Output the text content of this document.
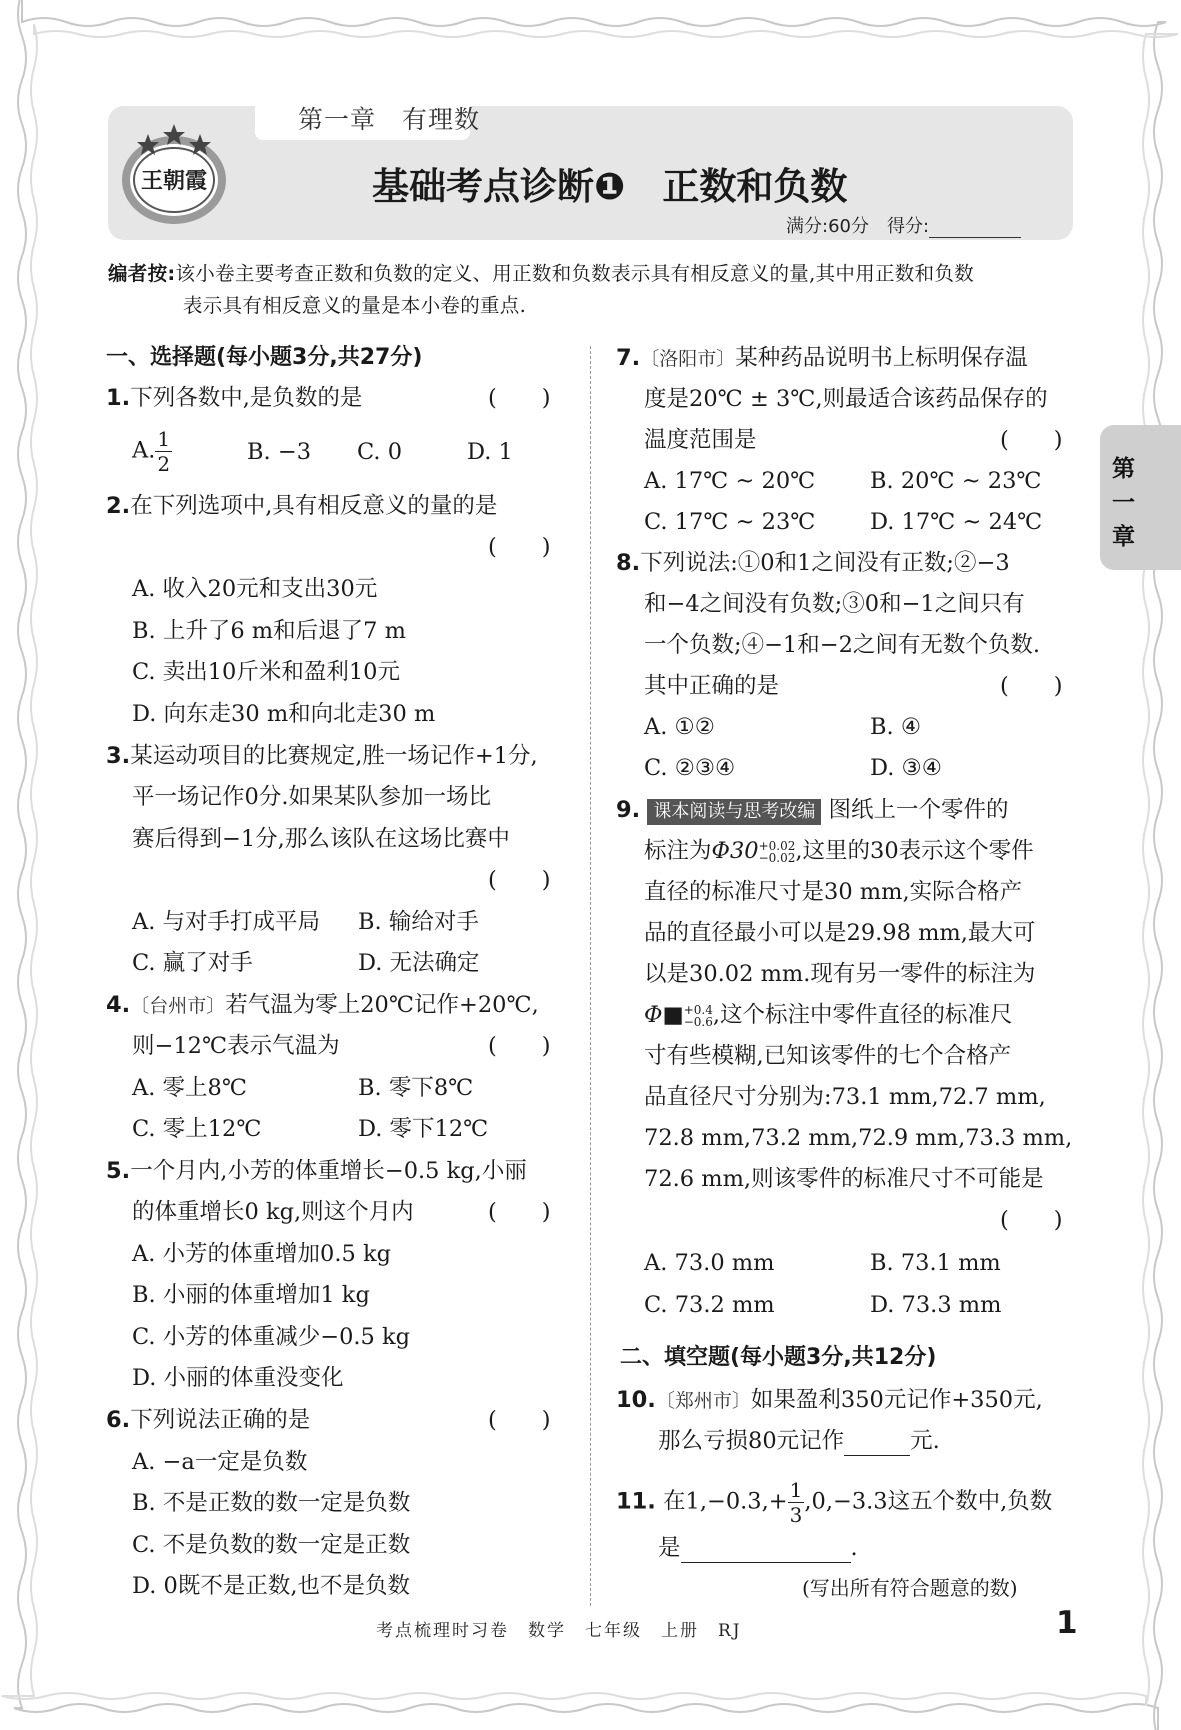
第一章　有理数
王朝霞	基础考点诊断❶　正数和负数
满分:60分　得分:
编者按:该小卷主要考查正数和负数的定义、用正数和负数表示具有相反意义的量,其中用正数和负数
表示具有相反意义的量是本小卷的重点.
一、选择题(每小题3分,共27分)
1.下列各数中,是负数的是	(　　)
A. $\frac{1}{2}$	B. −3 C. 0	D. 1
2.在下列选项中,具有相反意义的量的是
(　　)
A. 收入20元和支出30元
B. 上升了6 m和后退了7 m
C. 卖出10斤米和盈利10元
D. 向东走30 m和向北走30 m
3.某运动项目的比赛规定,胜一场记作+1分,
平一场记作0分.如果某队参加一场比
赛后得到−1分,那么该队在这场比赛中
(　　)
A. 与对手打成平局 B. 输给对手
C. 赢了对手	D. 无法确定
4.〔台州市〕若气温为零上20℃记作+20℃,
则−12℃表示气温为	(　　)
A. 零上8℃	B. 零下8℃
C. 零上12℃	D. 零下12℃
5.一个月内,小芳的体重增长−0.5 kg,小丽
的体重增长0 kg,则这个月内	(　　)
A. 小芳的体重增加0.5 kg
B. 小丽的体重增加1 kg
C. 小芳的体重减少−0.5 kg
D. 小丽的体重没变化
6.下列说法正确的是	(　　)
A. −a一定是负数
B. 不是正数的数一定是负数
C. 不是负数的数一定是正数
D. 0既不是正数,也不是负数
7.〔洛阳市〕某种药品说明书上标明保存温
度是20℃ ± 3℃,则最适合该药品保存的
温度范围是	(　　)
A. 17℃ ~ 20℃ B. 20℃ ~ 23℃
C. 17℃ ~ 23℃ D. 17℃ ~ 24℃
8.下列说法:①0和1之间没有正数;②−3
和−4之间没有负数;③0和−1之间只有
一个负数;④−1和−2之间有无数个负数.
其中正确的是	(　　)
A. ①②	B. ④
C. ②③④	D. ③④
9. 课本阅读与思考改编 图纸上一个零件的
标注为Φ30 +0.02
−0.02 ,这里的30表示这个零件
直径的标准尺寸是30 mm,实际合格产
品的直径最小可以是29.98 mm,最大可
以是30.02 mm.现有另一零件的标注为
Φ■ +0.4
−0.6 ,这个标注中零件直径的标准尺
寸有些模糊,已知该零件的七个合格产
品直径尺寸分别为:73.1 mm,72.7 mm,
72.8 mm,73.2 mm,72.9 mm,73.3 mm,
72.6 mm,则该零件的标准尺寸不可能是
(　　)
A. 73.0 mm	B. 73.1 mm
C. 73.2 mm	D. 73.3 mm
二、填空题(每小题3分,共12分)
10.〔郑州市〕如果盈利350元记作+350元,
那么亏损80元记作	元.
11. 在$1,-0.3,+ \frac{1}{3} ,0,-3.3$这五个数中,负数
是	.
(写出所有符合题意的数)
第
一
章
考点梳理时习卷　数学　七年级　上册　RJ	1
